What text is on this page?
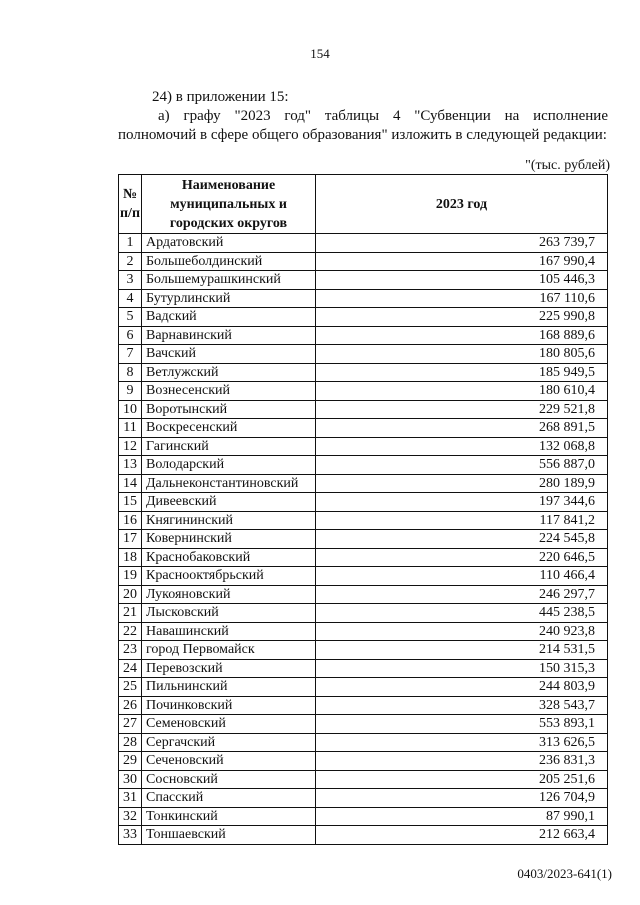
154
24) в приложении 15:
а) графу "2023 год" таблицы 4 "Субвенции на исполнение полномочий в сфере общего образования" изложить в следующей редакции:
"(тыс. рублей)
№ п/п	Наименование муниципальных и городских округов	2023 год
1	Ардатовский	263 739,7
2	Большеболдинский	167 990,4
3	Большемурашкинский	105 446,3
4	Бутурлинский	167 110,6
5	Вадский	225 990,8
6	Варнавинский	168 889,6
7	Вачский	180 805,6
8	Ветлужский	185 949,5
9	Вознесенский	180 610,4
10	Воротынский	229 521,8
11	Воскресенский	268 891,5
12	Гагинский	132 068,8
13	Володарский	556 887,0
14	Дальнеконстантиновский	280 189,9
15	Дивеевский	197 344,6
16	Княгининский	117 841,2
17	Ковернинский	224 545,8
18	Краснобаковский	220 646,5
19	Краснооктябрьский	110 466,4
20	Лукояновский	246 297,7
21	Лысковский	445 238,5
22	Навашинский	240 923,8
23	город Первомайск	214 531,5
24	Перевозский	150 315,3
25	Пильнинский	244 803,9
26	Починковский	328 543,7
27	Семеновский	553 893,1
28	Сергачский	313 626,5
29	Сеченовский	236 831,3
30	Сосновский	205 251,6
31	Спасский	126 704,9
32	Тонкинский	87 990,1
33	Тоншаевский	212 663,4
0403/2023-641(1)
